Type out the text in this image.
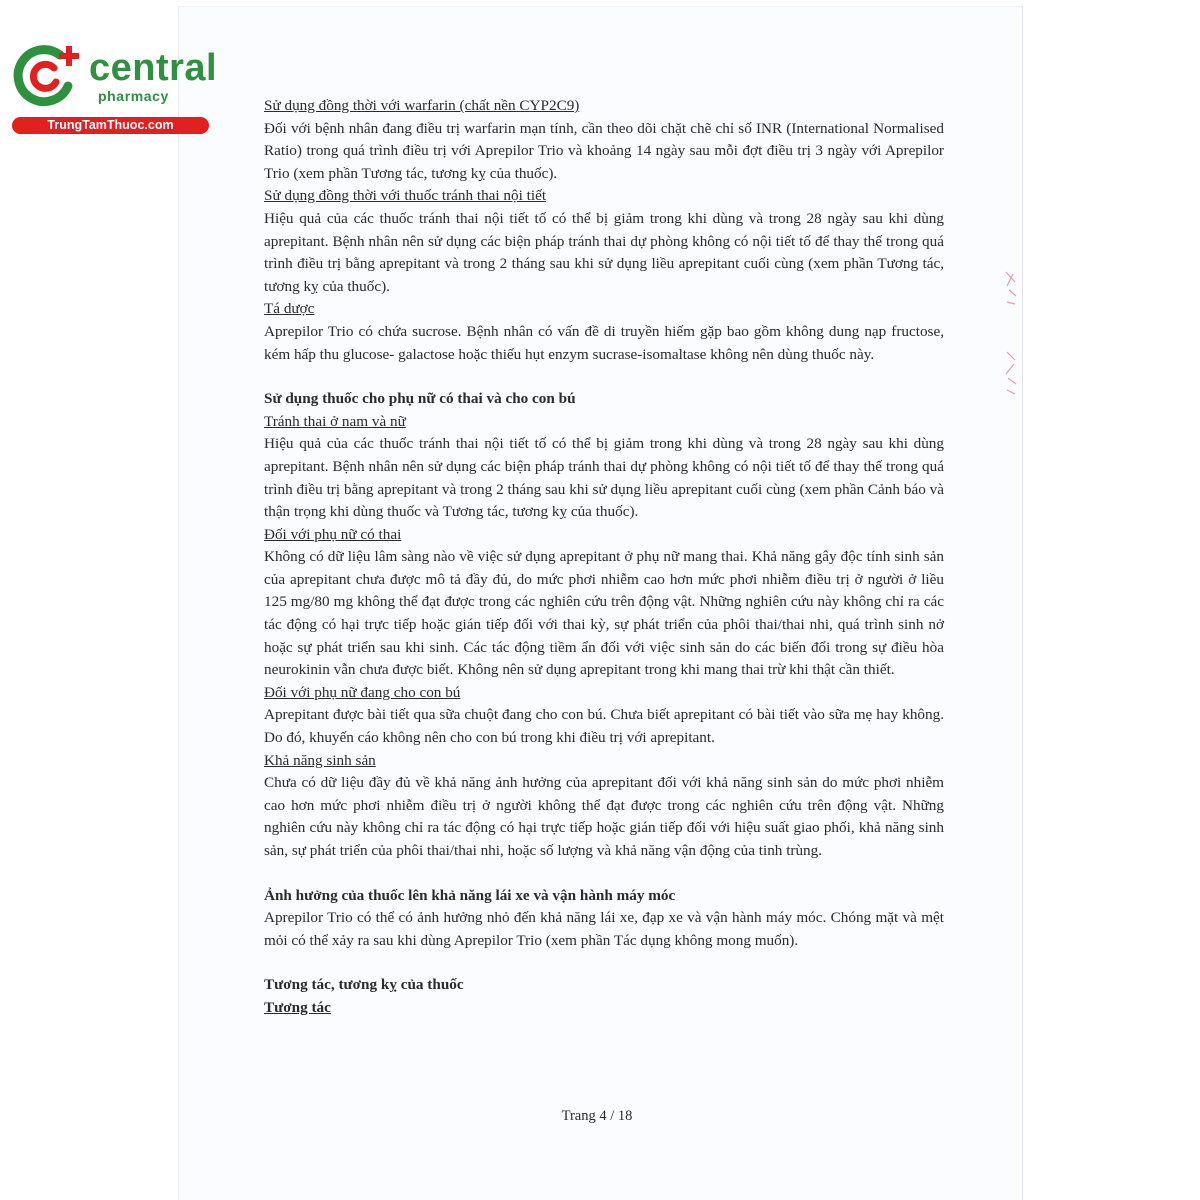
central
pharmacy
TrungTamThuoc.com

Sử dụng đồng thời với warfarin (chất nền CYP2C9)

Đối với bệnh nhân đang điều trị warfarin mạn tính, cần theo dõi chặt chẽ chỉ số INR (International Normalised Ratio) trong quá trình điều trị với Aprepilor Trio và khoảng 14 ngày sau mỗi đợt điều trị 3 ngày với Aprepilor Trio (xem phần Tương tác, tương kỵ của thuốc).

Sử dụng đồng thời với thuốc tránh thai nội tiết

Hiệu quả của các thuốc tránh thai nội tiết tố có thể bị giảm trong khi dùng và trong 28 ngày sau khi dùng aprepitant. Bệnh nhân nên sử dụng các biện pháp tránh thai dự phòng không có nội tiết tố để thay thế trong quá trình điều trị bằng aprepitant và trong 2 tháng sau khi sử dụng liều aprepitant cuối cùng (xem phần Tương tác, tương kỵ của thuốc).

Tá dược

Aprepilor Trio có chứa sucrose. Bệnh nhân có vấn đề di truyền hiếm gặp bao gồm không dung nạp fructose, kém hấp thu glucose- galactose hoặc thiếu hụt enzym sucrase-isomaltase không nên dùng thuốc này.

Sử dụng thuốc cho phụ nữ có thai và cho con bú

Tránh thai ở nam và nữ

Hiệu quả của các thuốc tránh thai nội tiết tố có thể bị giảm trong khi dùng và trong 28 ngày sau khi dùng aprepitant. Bệnh nhân nên sử dụng các biện pháp tránh thai dự phòng không có nội tiết tố để thay thế trong quá trình điều trị bằng aprepitant và trong 2 tháng sau khi sử dụng liều aprepitant cuối cùng (xem phần Cảnh báo và thận trọng khi dùng thuốc và Tương tác, tương kỵ của thuốc).

Đối với phụ nữ có thai

Không có dữ liệu lâm sàng nào về việc sử dụng aprepitant ở phụ nữ mang thai. Khả năng gây độc tính sinh sản của aprepitant chưa được mô tả đầy đủ, do mức phơi nhiễm cao hơn mức phơi nhiễm điều trị ở người ở liều 125 mg/80 mg không thể đạt được trong các nghiên cứu trên động vật. Những nghiên cứu này không chỉ ra các tác động có hại trực tiếp hoặc gián tiếp đối với thai kỳ, sự phát triển của phôi thai/thai nhi, quá trình sinh nở hoặc sự phát triển sau khi sinh. Các tác động tiềm ẩn đối với việc sinh sản do các biến đổi trong sự điều hòa neurokinin vẫn chưa được biết. Không nên sử dụng aprepitant trong khi mang thai trừ khi thật cần thiết.

Đối với phụ nữ đang cho con bú

Aprepitant được bài tiết qua sữa chuột đang cho con bú. Chưa biết aprepitant có bài tiết vào sữa mẹ hay không. Do đó, khuyến cáo không nên cho con bú trong khi điều trị với aprepitant.

Khả năng sinh sản

Chưa có dữ liệu đầy đủ về khả năng ảnh hưởng của aprepitant đối với khả năng sinh sản do mức phơi nhiễm cao hơn mức phơi nhiễm điều trị ở người không thể đạt được trong các nghiên cứu trên động vật. Những nghiên cứu này không chỉ ra tác động có hại trực tiếp hoặc gián tiếp đối với hiệu suất giao phối, khả năng sinh sản, sự phát triển của phôi thai/thai nhi, hoặc số lượng và khả năng vận động của tinh trùng.

Ảnh hưởng của thuốc lên khả năng lái xe và vận hành máy móc

Aprepilor Trio có thể có ảnh hưởng nhỏ đến khả năng lái xe, đạp xe và vận hành máy móc. Chóng mặt và mệt mỏi có thể xảy ra sau khi dùng Aprepilor Trio (xem phần Tác dụng không mong muốn).

Tương tác, tương kỵ của thuốc

Tương tác

Trang 4 / 18
